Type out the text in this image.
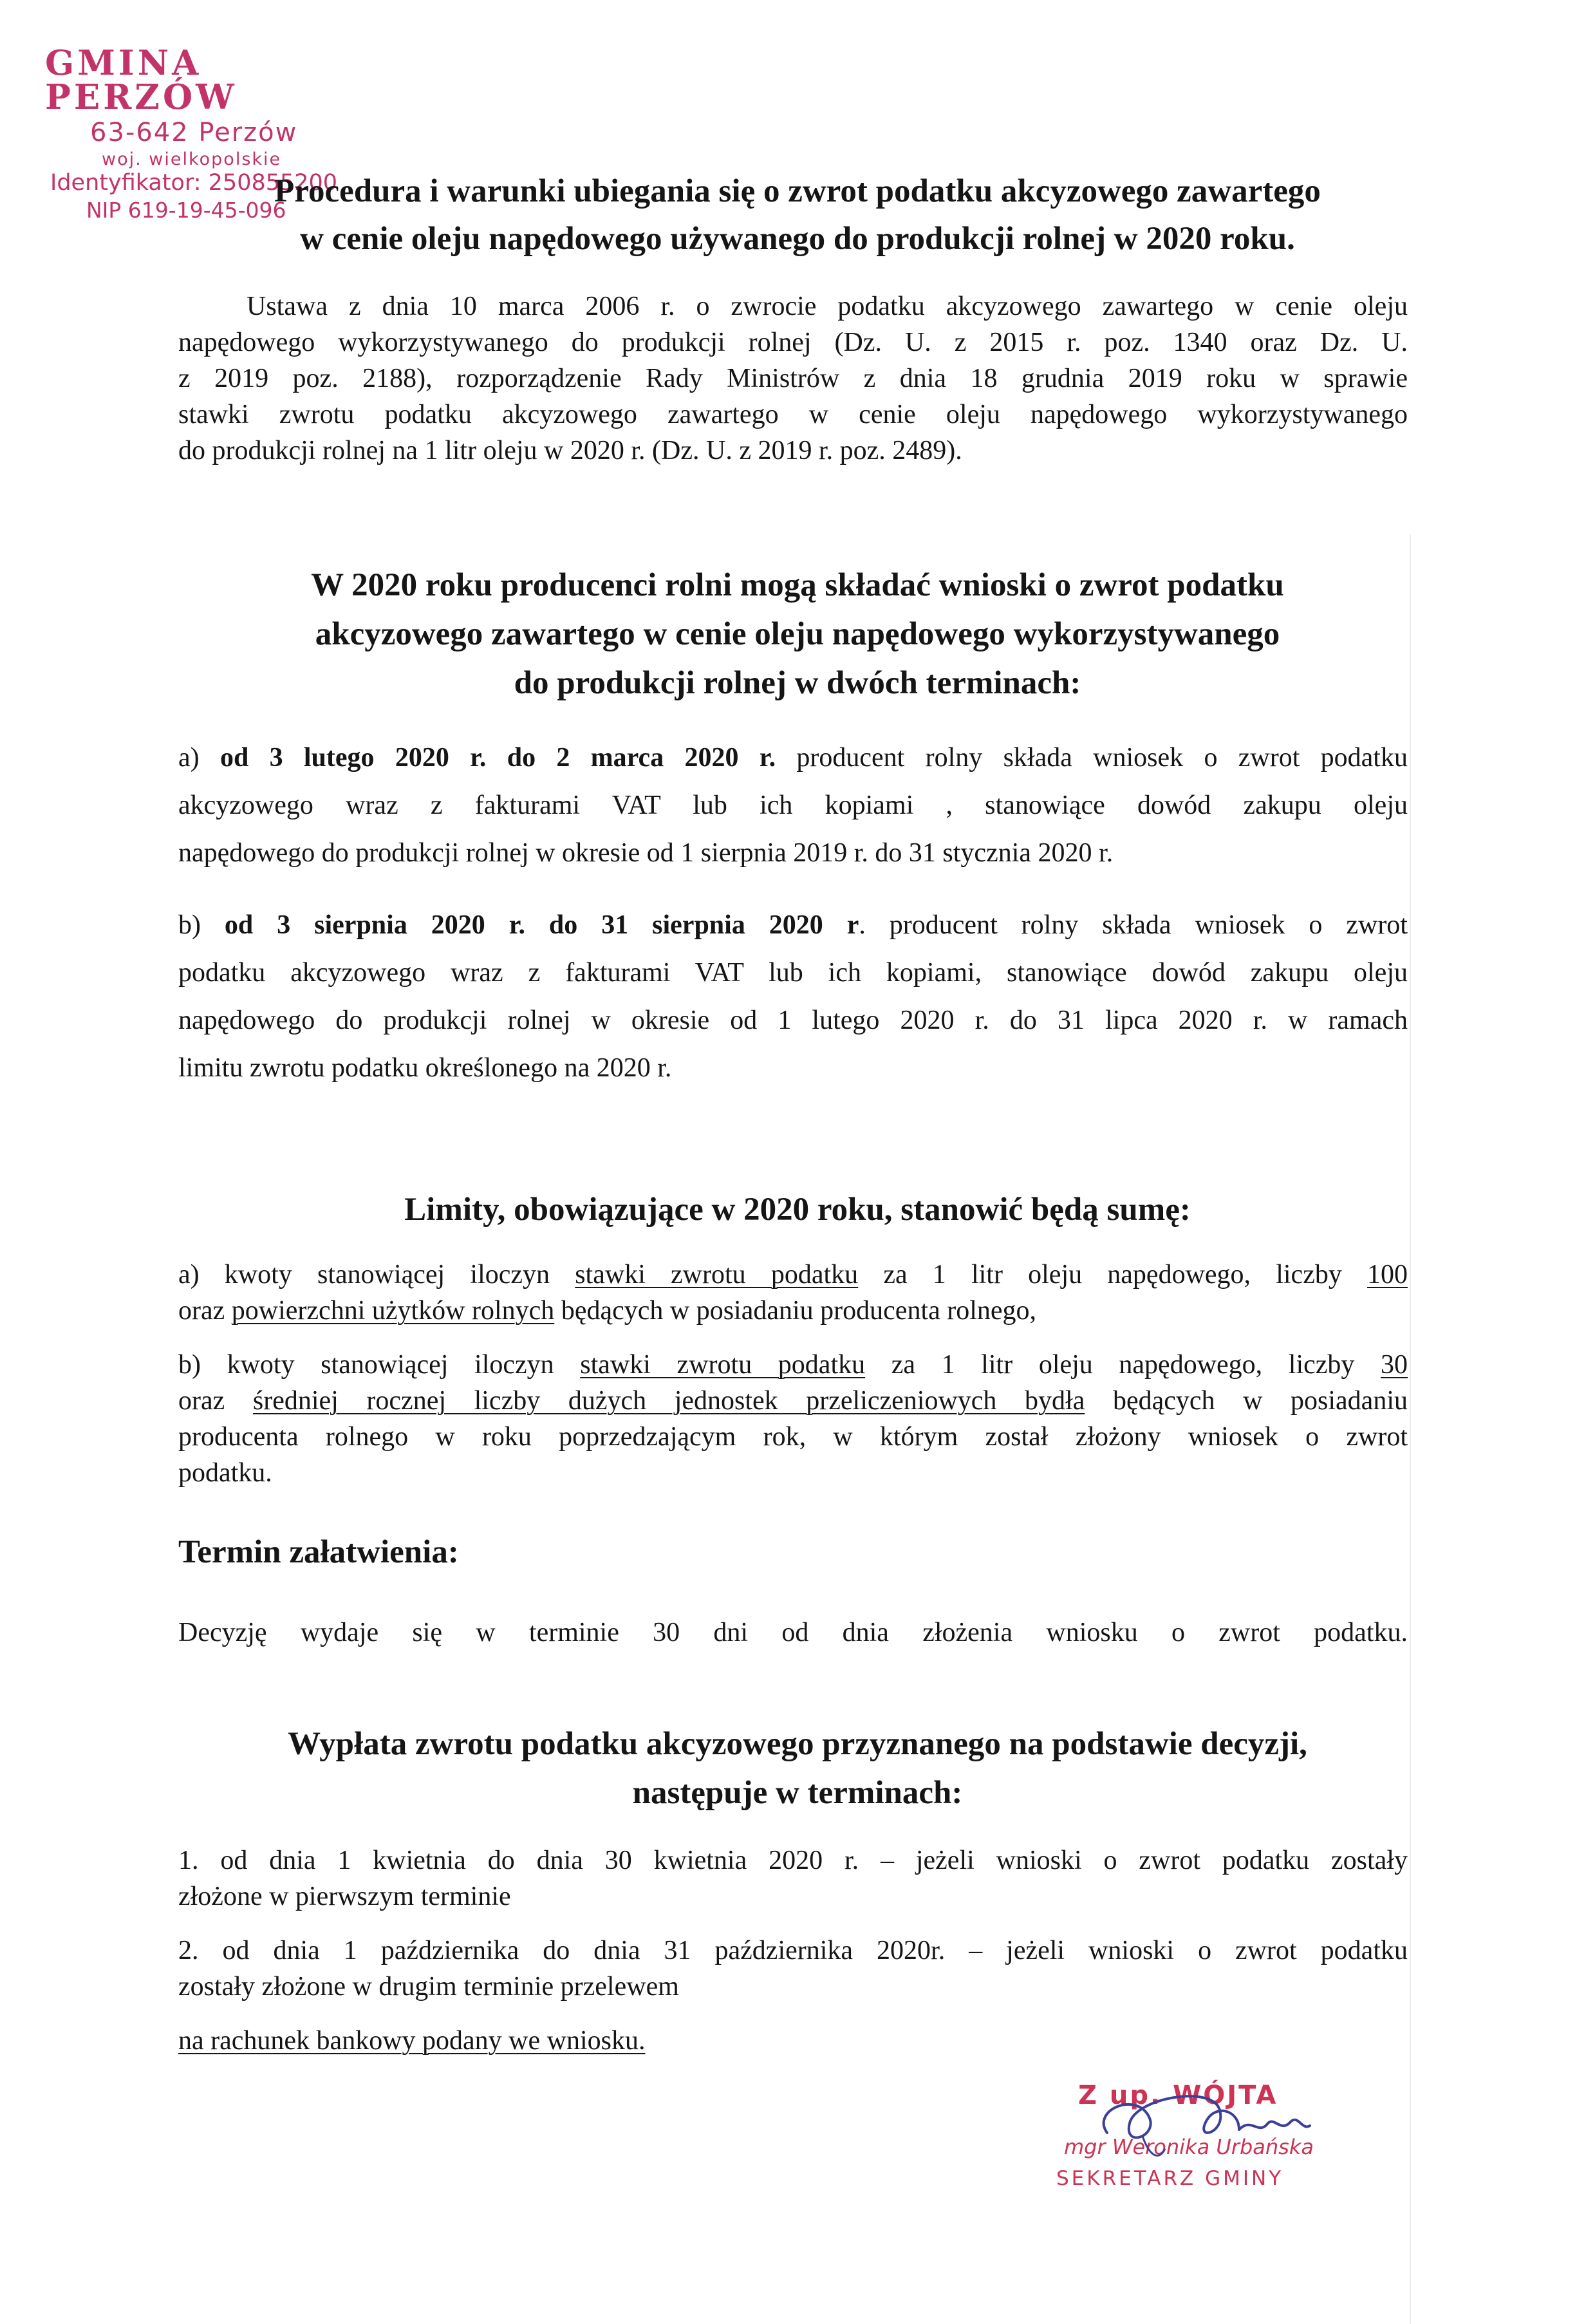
GMINA PERZÓW
63-642 Perzów
woj. wielkopolskie
Identyfikator: 250855200
NIP 619-19-45-096
Procedura i warunki ubiegania się o zwrot podatku akcyzowego zawartego
w cenie oleju napędowego używanego do produkcji rolnej w 2020 roku.
Ustawa z dnia 10 marca 2006 r. o zwrocie podatku akcyzowego zawartego w cenie oleju
napędowego wykorzystywanego do produkcji rolnej (Dz. U. z 2015 r. poz. 1340 oraz Dz. U.
z 2019 poz. 2188), rozporządzenie Rady Ministrów z dnia 18 grudnia 2019 roku w sprawie
stawki zwrotu podatku akcyzowego zawartego w cenie oleju napędowego wykorzystywanego
do produkcji rolnej na 1 litr oleju w 2020 r. (Dz. U. z 2019 r. poz. 2489).
W 2020 roku producenci rolni mogą składać wnioski o zwrot podatku
akcyzowego zawartego w cenie oleju napędowego wykorzystywanego
do produkcji rolnej w dwóch terminach:
a) od 3 lutego 2020 r. do 2 marca 2020 r. producent rolny składa wniosek o zwrot podatku
akcyzowego wraz z fakturami VAT lub ich kopiami , stanowiące dowód zakupu oleju
napędowego do produkcji rolnej w okresie od 1 sierpnia 2019 r. do 31 stycznia 2020 r.
b) od 3 sierpnia 2020 r. do 31 sierpnia 2020 r. producent rolny składa wniosek o zwrot
podatku akcyzowego wraz z fakturami VAT lub ich kopiami, stanowiące dowód zakupu oleju
napędowego do produkcji rolnej w okresie od 1 lutego 2020 r. do 31 lipca 2020 r. w ramach
limitu zwrotu podatku określonego na 2020 r.
Limity, obowiązujące w 2020 roku, stanowić będą sumę:
a) kwoty stanowiącej iloczyn stawki zwrotu podatku za 1 litr oleju napędowego, liczby 100
oraz powierzchni użytków rolnych będących w posiadaniu producenta rolnego,
b) kwoty stanowiącej iloczyn stawki zwrotu podatku za 1 litr oleju napędowego, liczby 30
oraz średniej rocznej liczby dużych jednostek przeliczeniowych bydła będących w posiadaniu
producenta rolnego w roku poprzedzającym rok, w którym został złożony wniosek o zwrot
podatku.
Termin załatwienia:
Decyzję wydaje się w terminie 30 dni od dnia złożenia wniosku o zwrot podatku.
Wypłata zwrotu podatku akcyzowego przyznanego na podstawie decyzji,
następuje w terminach:
1. od dnia 1 kwietnia do dnia 30 kwietnia 2020 r. – jeżeli wnioski o zwrot podatku zostały
złożone w pierwszym terminie
2. od dnia 1 października do dnia 31 października 2020r. – jeżeli wnioski o zwrot podatku
zostały złożone w drugim terminie przelewem
na rachunek bankowy podany we wniosku.
Z up. WÓJTA
mgr Weronika Urbańska
SEKRETARZ GMINY
